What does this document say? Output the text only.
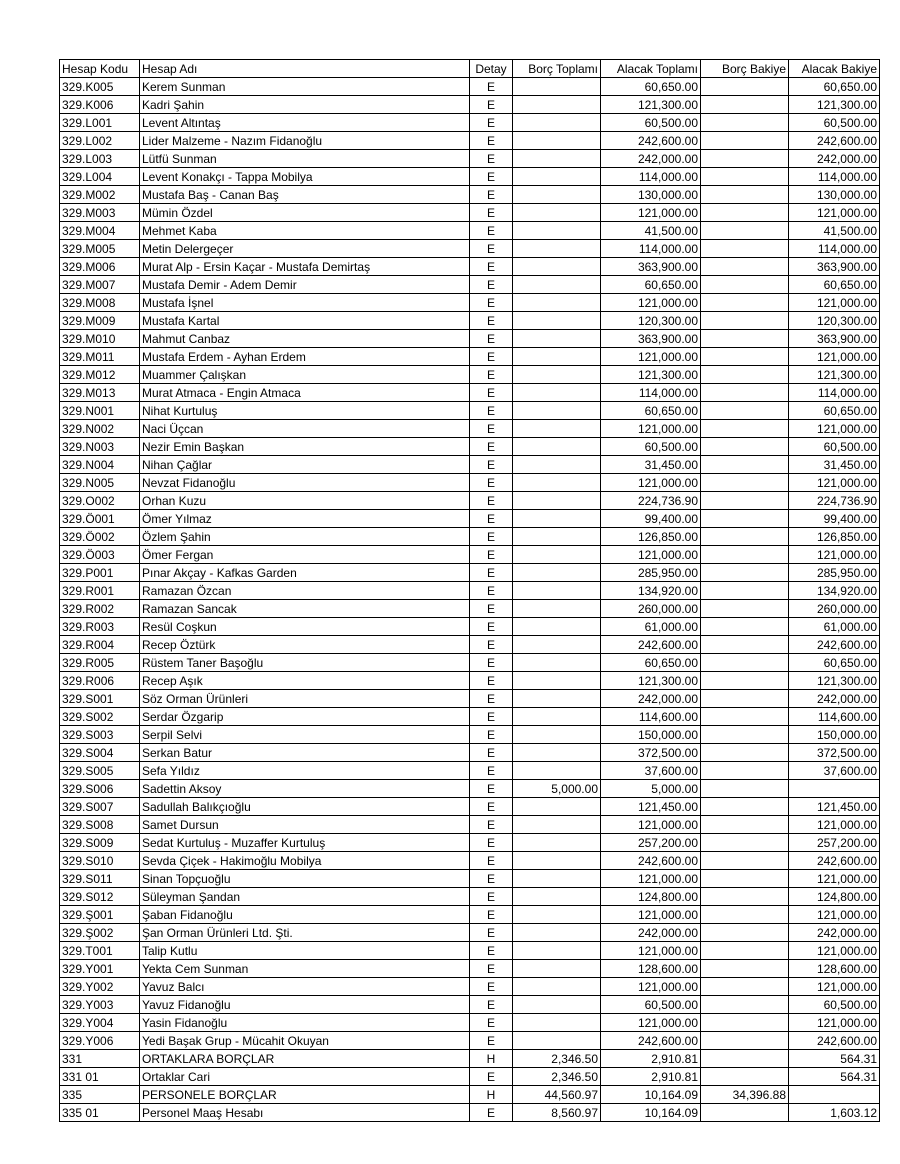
Hesap Kodu	Hesap Adı	Detay	Borç Toplamı	Alacak Toplamı	Borç Bakiye	Alacak Bakiye
329.K005	Kerem Sunman	E		60,650.00		60,650.00
329.K006	Kadri Şahin	E		121,300.00		121,300.00
329.L001	Levent Altıntaş	E		60,500.00		60,500.00
329.L002	Lider Malzeme - Nazım Fidanoğlu	E		242,600.00		242,600.00
329.L003	Lütfü Sunman	E		242,000.00		242,000.00
329.L004	Levent Konakçı - Tappa Mobilya	E		114,000.00		114,000.00
329.M002	Mustafa Baş - Canan Baş	E		130,000.00		130,000.00
329.M003	Mümin Özdel	E		121,000.00		121,000.00
329.M004	Mehmet Kaba	E		41,500.00		41,500.00
329.M005	Metin Delergeçer	E		114,000.00		114,000.00
329.M006	Murat Alp - Ersin Kaçar - Mustafa Demirtaş	E		363,900.00		363,900.00
329.M007	Mustafa Demir - Adem Demir	E		60,650.00		60,650.00
329.M008	Mustafa İşnel	E		121,000.00		121,000.00
329.M009	Mustafa Kartal	E		120,300.00		120,300.00
329.M010	Mahmut Canbaz	E		363,900.00		363,900.00
329.M011	Mustafa Erdem - Ayhan Erdem	E		121,000.00		121,000.00
329.M012	Muammer Çalışkan	E		121,300.00		121,300.00
329.M013	Murat Atmaca - Engin Atmaca	E		114,000.00		114,000.00
329.N001	Nihat Kurtuluş	E		60,650.00		60,650.00
329.N002	Naci Üçcan	E		121,000.00		121,000.00
329.N003	Nezir Emin Başkan	E		60,500.00		60,500.00
329.N004	Nihan Çağlar	E		31,450.00		31,450.00
329.N005	Nevzat Fidanoğlu	E		121,000.00		121,000.00
329.O002	Orhan Kuzu	E		224,736.90		224,736.90
329.Ö001	Ömer Yılmaz	E		99,400.00		99,400.00
329.Ö002	Özlem Şahin	E		126,850.00		126,850.00
329.Ö003	Ömer Fergan	E		121,000.00		121,000.00
329.P001	Pınar Akçay - Kafkas Garden	E		285,950.00		285,950.00
329.R001	Ramazan Özcan	E		134,920.00		134,920.00
329.R002	Ramazan Sancak	E		260,000.00		260,000.00
329.R003	Resül Coşkun	E		61,000.00		61,000.00
329.R004	Recep Öztürk	E		242,600.00		242,600.00
329.R005	Rüstem Taner Başoğlu	E		60,650.00		60,650.00
329.R006	Recep Aşık	E		121,300.00		121,300.00
329.S001	Söz Orman Ürünleri	E		242,000.00		242,000.00
329.S002	Serdar Özgarip	E		114,600.00		114,600.00
329.S003	Serpil Selvi	E		150,000.00		150,000.00
329.S004	Serkan Batur	E		372,500.00		372,500.00
329.S005	Sefa Yıldız	E		37,600.00		37,600.00
329.S006	Sadettin Aksoy	E	5,000.00	5,000.00		
329.S007	Sadullah Balıkçıoğlu	E		121,450.00		121,450.00
329.S008	Samet Dursun	E		121,000.00		121,000.00
329.S009	Sedat Kurtuluş - Muzaffer Kurtuluş	E		257,200.00		257,200.00
329.S010	Sevda Çiçek - Hakimoğlu Mobilya	E		242,600.00		242,600.00
329.S011	Sinan Topçuoğlu	E		121,000.00		121,000.00
329.S012	Süleyman Şandan	E		124,800.00		124,800.00
329.Ş001	Şaban Fidanoğlu	E		121,000.00		121,000.00
329.Ş002	Şan Orman Ürünleri Ltd. Şti.	E		242,000.00		242,000.00
329.T001	Talip Kutlu	E		121,000.00		121,000.00
329.Y001	Yekta Cem Sunman	E		128,600.00		128,600.00
329.Y002	Yavuz Balcı	E		121,000.00		121,000.00
329.Y003	Yavuz Fidanoğlu	E		60,500.00		60,500.00
329.Y004	Yasin Fidanoğlu	E		121,000.00		121,000.00
329.Y006	Yedi Başak Grup - Mücahit Okuyan	E		242,600.00		242,600.00
331	ORTAKLARA BORÇLAR	H	2,346.50	2,910.81		564.31
331 01	Ortaklar Cari	E	2,346.50	2,910.81		564.31
335	PERSONELE BORÇLAR	H	44,560.97	10,164.09	34,396.88	
335 01	Personel Maaş Hesabı	E	8,560.97	10,164.09		1,603.12
